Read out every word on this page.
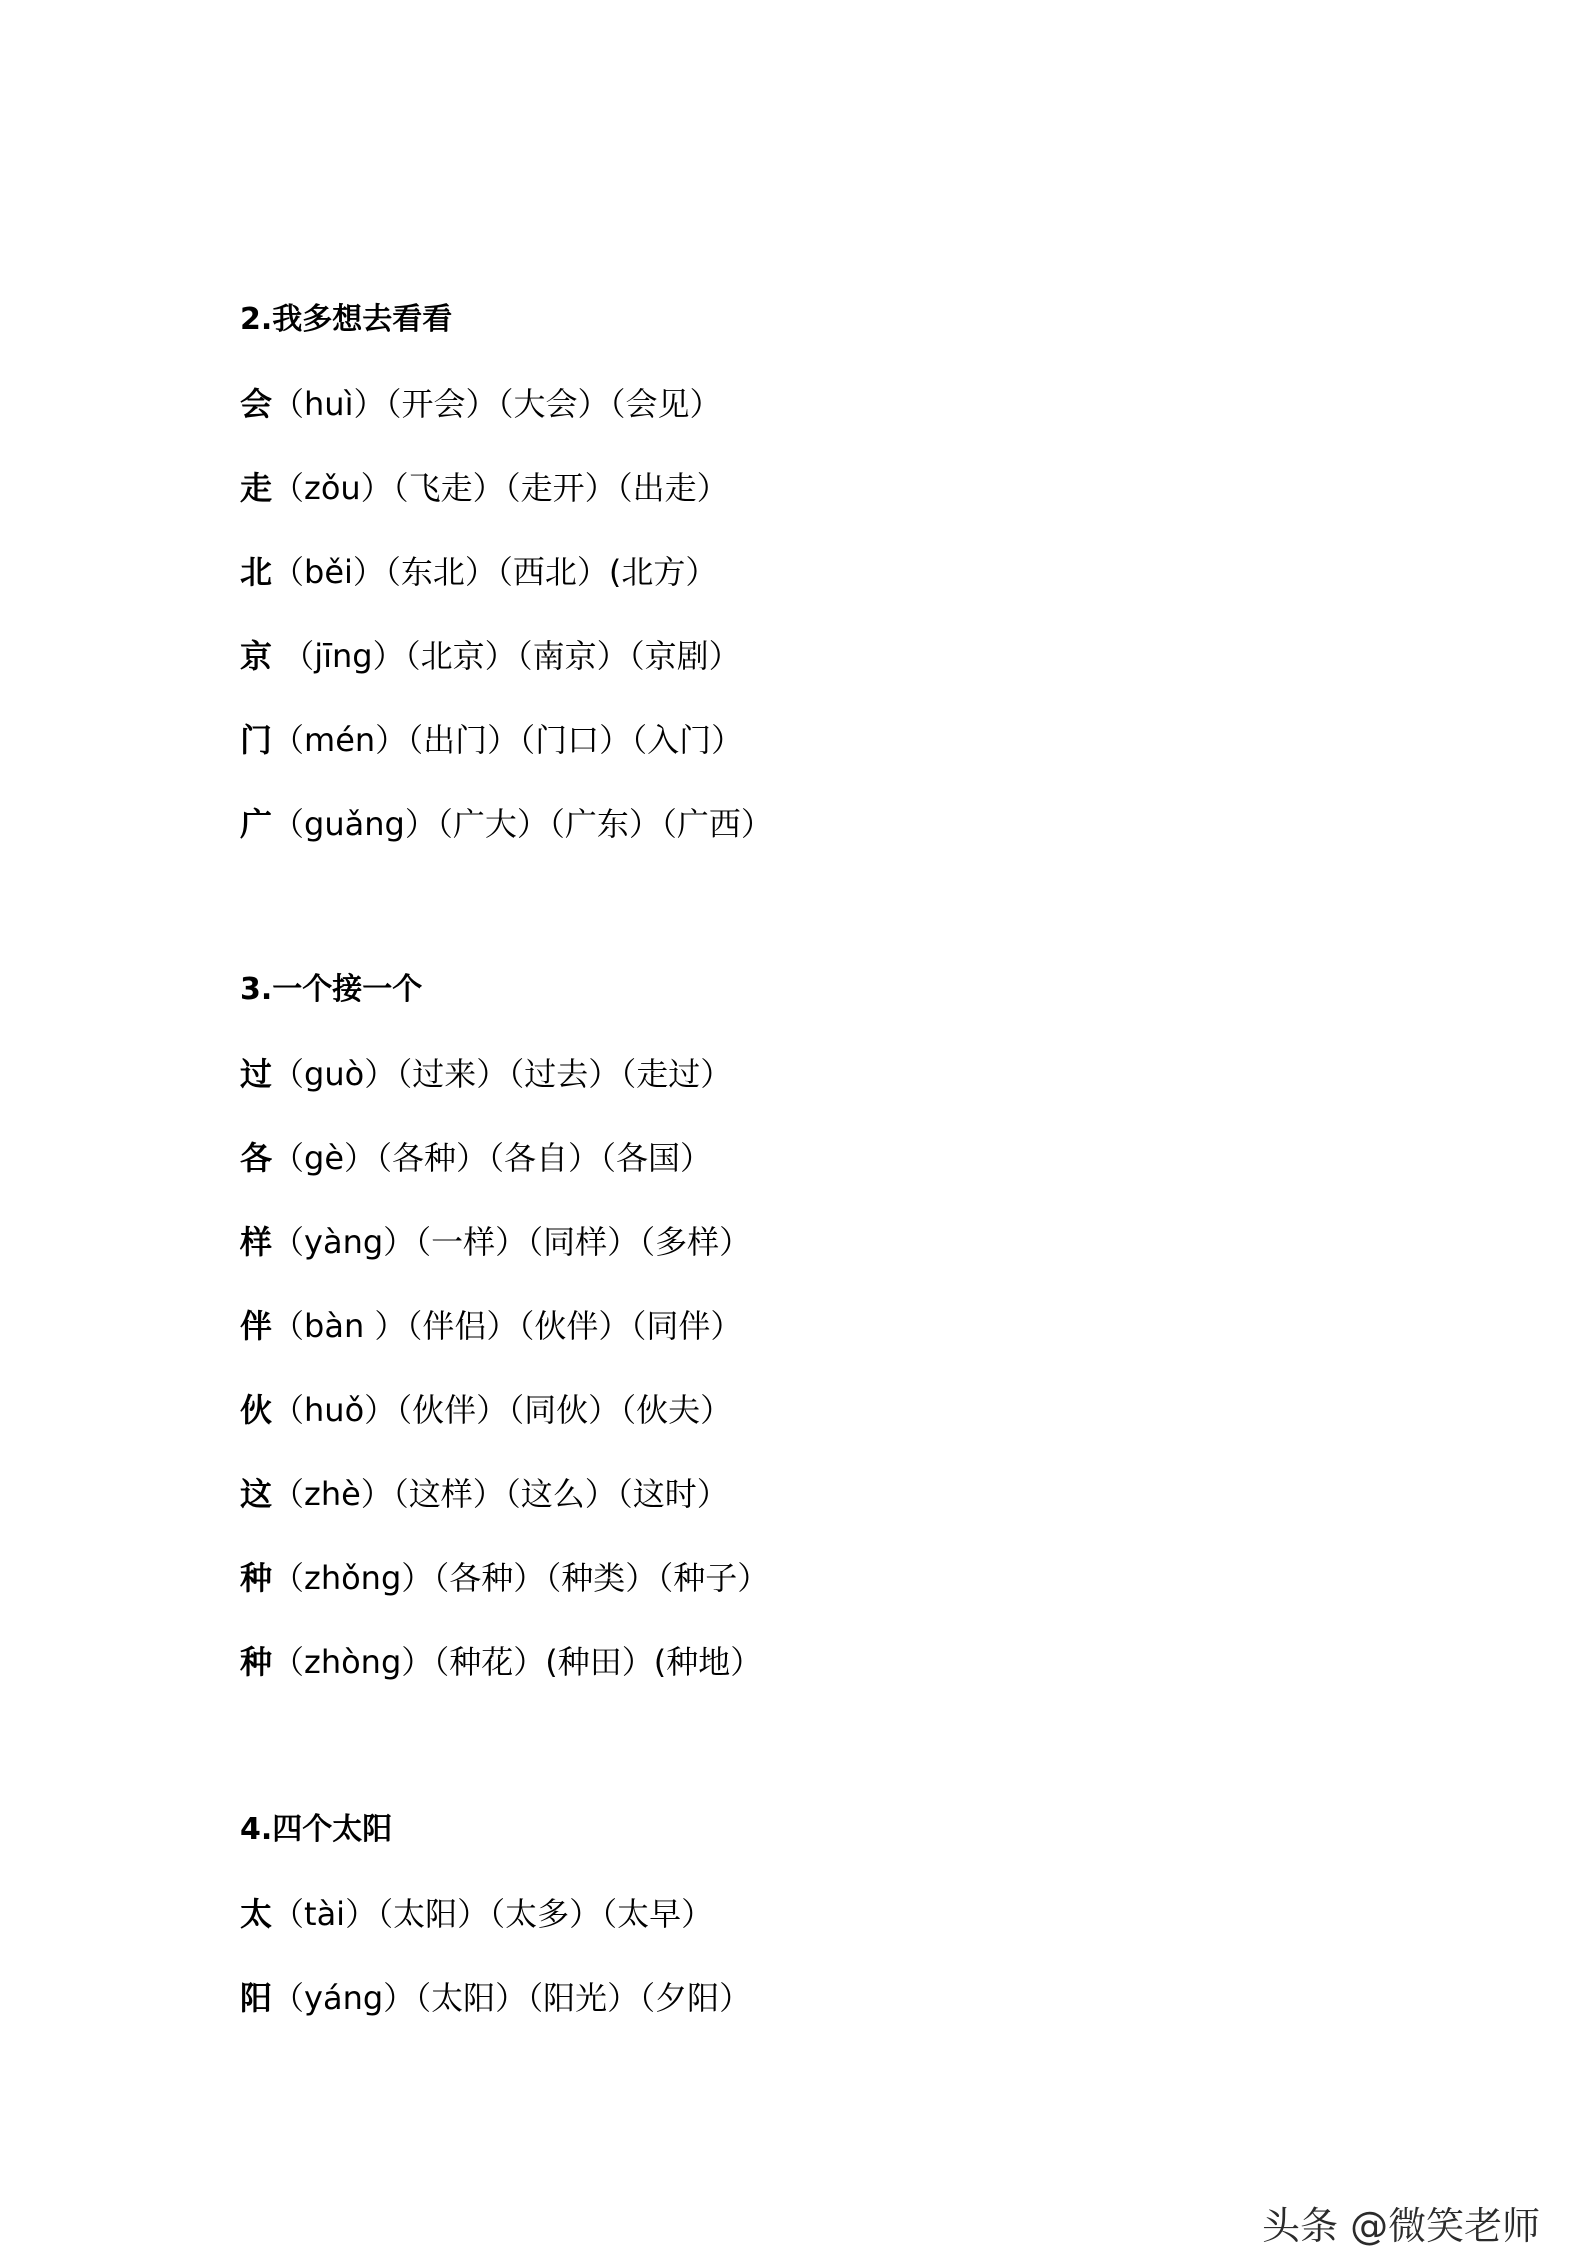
2.我多想去看看
会（huì）（开会）（大会）（会见）
走（zǒu）（飞走）（走开）（出走）
北（běi）（东北）（西北）(北方）
京 （jīng）（北京）（南京）（京剧）
门（mén）（出门）（门口）（入门）
广（guǎng）（广大）（广东）（广西）
3.一个接一个
过（guò）（过来）（过去）（走过）
各（gè）（各种）（各自）（各国）
样（yàng）（一样）（同样）（多样）
伴（bàn ）（伴侣）（伙伴）（同伴）
伙（huǒ）（伙伴）（同伙）（伙夫）
这（zhè）（这样）（这么）（这时）
种（zhǒng）（各种）（种类）（种子）
种（zhòng）（种花）(种田）(种地）
4.四个太阳
太（tài）（太阳）（太多）（太早）
阳（yáng）（太阳）（阳光）（夕阳）
头条 @微笑老师
